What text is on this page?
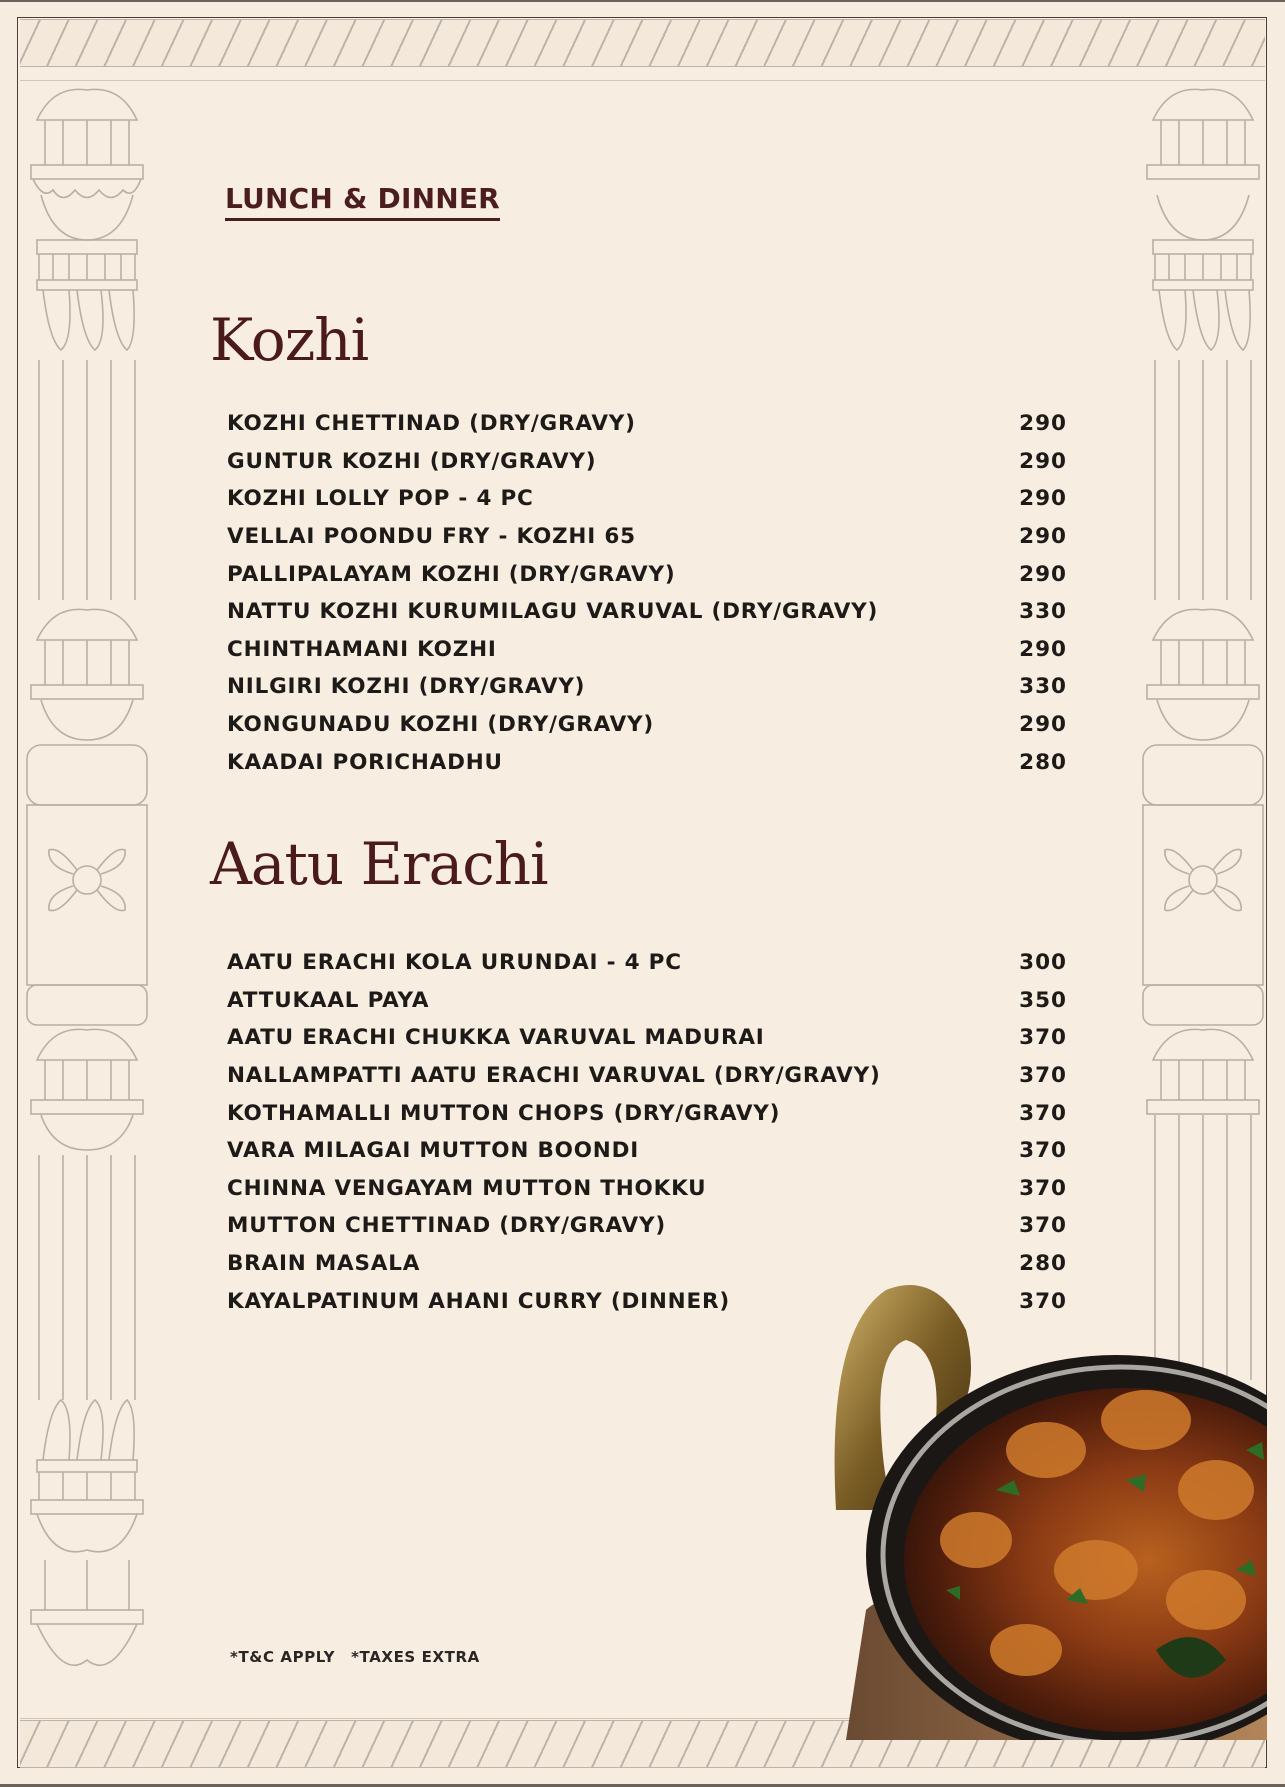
LUNCH & DINNER
Kozhi
KOZHI CHETTINAD (DRY/GRAVY)	290
GUNTUR KOZHI (DRY/GRAVY)	290
KOZHI LOLLY POP - 4 PC	290
VELLAI POONDU FRY - KOZHI 65	290
PALLIPALAYAM KOZHI (DRY/GRAVY)	290
NATTU KOZHI KURUMILAGU VARUVAL (DRY/GRAVY)	330
CHINTHAMANI KOZHI	290
NILGIRI KOZHI (DRY/GRAVY)	330
KONGUNADU KOZHI (DRY/GRAVY)	290
KAADAI PORICHADHU	280
Aatu Erachi
AATU ERACHI KOLA URUNDAI - 4 PC	300
ATTUKAAL PAYA	350
AATU ERACHI CHUKKA VARUVAL MADURAI	370
NALLAMPATTI AATU ERACHI VARUVAL (DRY/GRAVY)	370
KOTHAMALLI MUTTON CHOPS (DRY/GRAVY)	370
VARA MILAGAI MUTTON BOONDI	370
CHINNA VENGAYAM MUTTON THOKKU	370
MUTTON CHETTINAD (DRY/GRAVY)	370
BRAIN MASALA	280
KAYALPATINUM AHANI CURRY (DINNER)	370
*T&C APPLY *TAXES EXTRA
